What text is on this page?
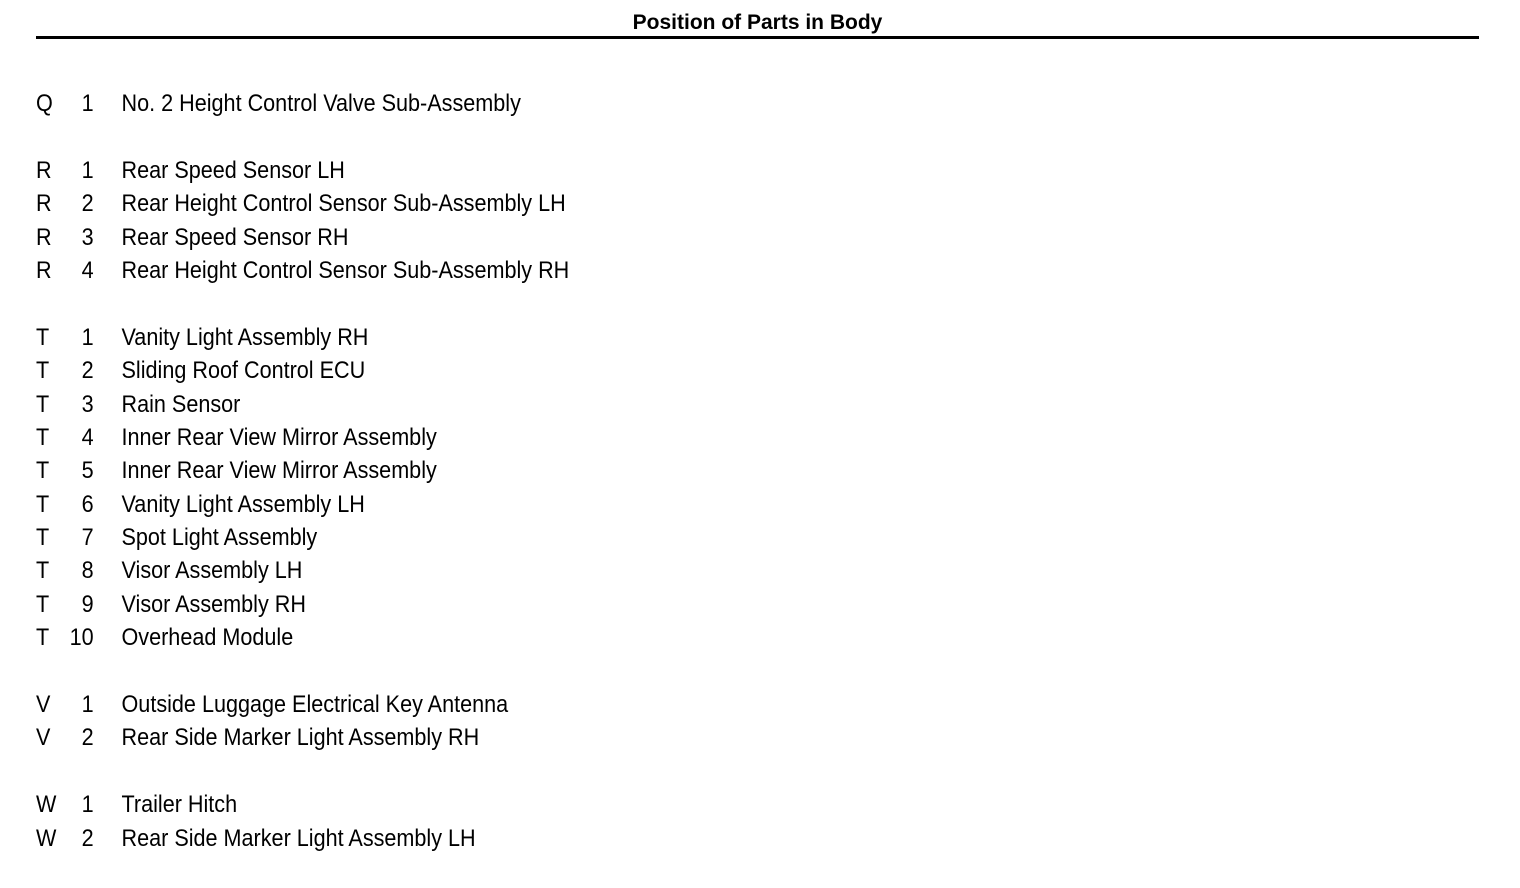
Position of Parts in Body
Q	1 No. 2 Height Control Valve Sub-Assembly
R	1 Rear Speed Sensor LH
R	2 Rear Height Control Sensor Sub-Assembly LH
R	3 Rear Speed Sensor RH
R	4 Rear Height Control Sensor Sub-Assembly RH
T	1 Vanity Light Assembly RH
T	2 Sliding Roof Control ECU
T	3 Rain Sensor
T	4 Inner Rear View Mirror Assembly
T	5 Inner Rear View Mirror Assembly
T	6 Vanity Light Assembly LH
T	7 Spot Light Assembly
T	8 Visor Assembly LH
T	9 Visor Assembly RH
T 10 Overhead Module
V	1 Outside Luggage Electrical Key Antenna
V	2 Rear Side Marker Light Assembly RH
W	1 Trailer Hitch
W	2 Rear Side Marker Light Assembly LH
